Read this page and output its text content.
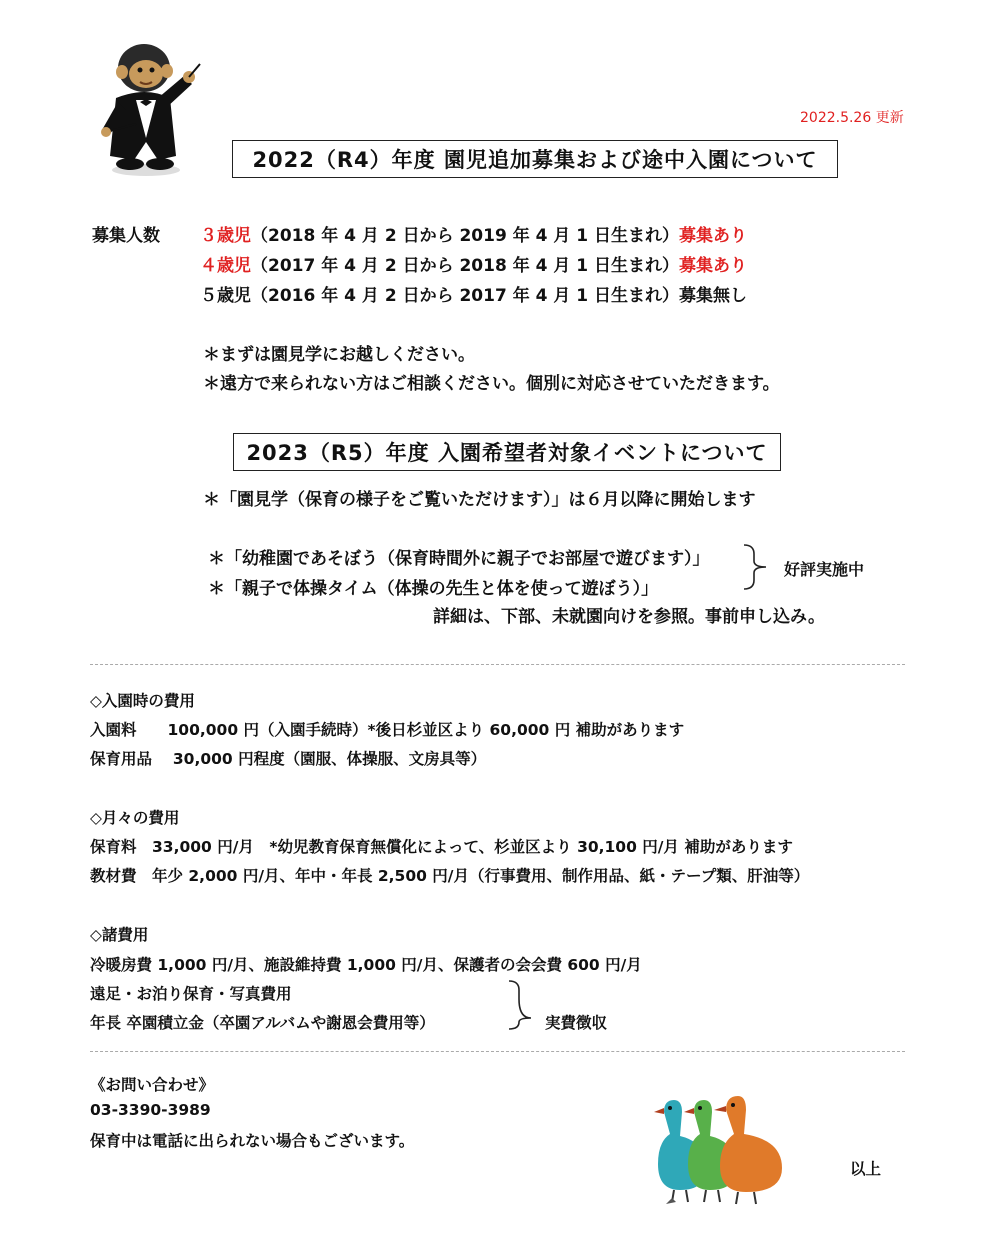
2022.5.26 更新
2022（R4）年度 園児追加募集および途中入園について
募集人数 ３歳児（2018 年 4 月 2 日から 2019 年 4 月 1 日生まれ）募集あり
４歳児（2017 年 4 月 2 日から 2018 年 4 月 1 日生まれ）募集あり
５歳児（2016 年 4 月 2 日から 2017 年 4 月 1 日生まれ）募集無し
＊まずは園見学にお越しください。
＊遠方で来られない方はご相談ください。個別に対応させていただきます。
2023（R5）年度 入園希望者対象イベントについて
＊「園見学（保育の様子をご覧いただけます）」は６月以降に開始します
＊「幼稚園であそぼう（保育時間外に親子でお部屋で遊びます）」
＊「親子で体操タイム（体操の先生と体を使って遊ぼう）」
好評実施中
詳細は、下部、未就園向けを参照。事前申し込み。
◇入園時の費用
入園料　　100,000 円（入園手続時）*後日杉並区より 60,000 円 補助があります
保育用品　 30,000 円程度（園服、体操服、文房具等）
◇月々の費用
保育料　33,000 円/月　*幼児教育保育無償化によって、杉並区より 30,100 円/月 補助があります
教材費　年少 2,000 円/月、年中・年長 2,500 円/月（行事費用、制作用品、紙・テープ類、肝油等）
◇諸費用
冷暖房費 1,000 円/月、施設維持費 1,000 円/月、保護者の会会費 600 円/月
遠足・お泊り保育・写真費用
年長 卒園積立金（卒園アルバムや謝恩会費用等）	実費徴収
《お問い合わせ》
03-3390-3989
保育中は電話に出られない場合もございます。
以上
